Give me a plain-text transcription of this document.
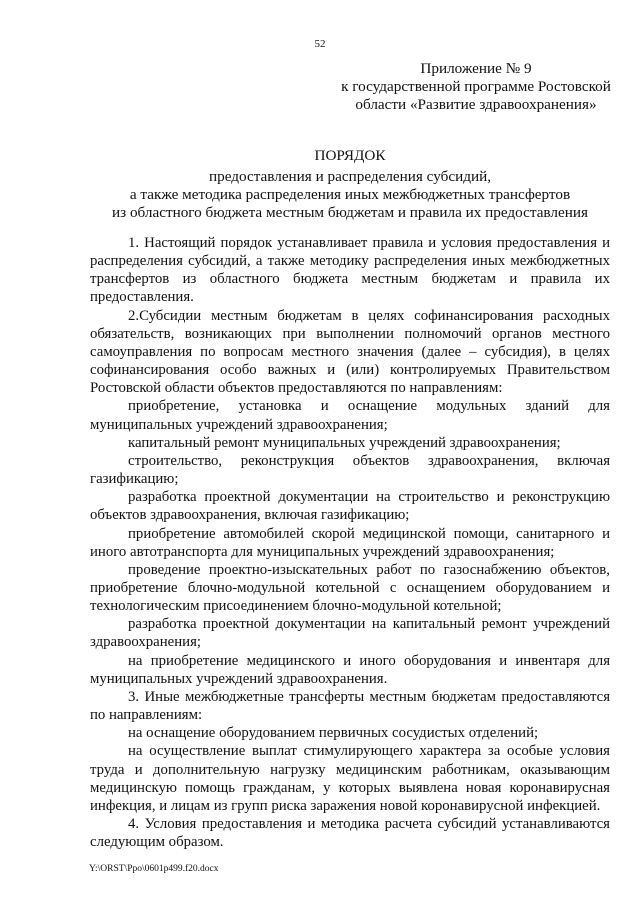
52
Приложение № 9
к государственной программе Ростовской
области «Развитие здравоохранения»
ПОРЯДОК
предоставления и распределения субсидий,
а также методика распределения иных межбюджетных трансфертов
из областного бюджета местным бюджетам и правила их предоставления

1. Настоящий порядок устанавливает правила и условия предоставления и распределения субсидий, а также методику распределения иных межбюджетных трансфертов из областного бюджета местным бюджетам и правила их предоставления.

2.Субсидии местным бюджетам в целях софинансирования расходных обязательств, возникающих при выполнении полномочий органов местного самоуправления по вопросам местного значения (далее – субсидия), в целях софинансирования особо важных и (или) контролируемых Правительством Ростовской области объектов предоставляются по направлениям:

приобретение, установка и оснащение модульных зданий для муниципальных учреждений здравоохранения;

капитальный ремонт муниципальных учреждений здравоохранения;

строительство, реконструкция объектов здравоохранения, включая газификацию;

разработка проектной документации на строительство и реконструкцию объектов здравоохранения, включая газификацию;

приобретение автомобилей скорой медицинской помощи, санитарного и иного автотранспорта для муниципальных учреждений здравоохранения;

проведение проектно-изыскательных работ по газоснабжению объектов, приобретение блочно-модульной котельной с оснащением оборудованием и технологическим присоединением блочно-модульной котельной;

разработка проектной документации на капитальный ремонт учреждений здравоохранения;

на приобретение медицинского и иного оборудования и инвентаря для муниципальных учреждений здравоохранения.

3. Иные межбюджетные трансферты местным бюджетам предоставляются по направлениям:

на оснащение оборудованием первичных сосудистых отделений;

на осуществление выплат стимулирующего характера за особые условия труда и дополнительную нагрузку медицинским работникам, оказывающим медицинскую помощь гражданам, у которых выявлена новая коронавирусная инфекция, и лицам из групп риска заражения новой коронавирусной инфекцией.

4. Условия предоставления и методика расчета субсидий устанавливаются следующим образом.

Y:\ORST\Ppo\0601p499.f20.docx
